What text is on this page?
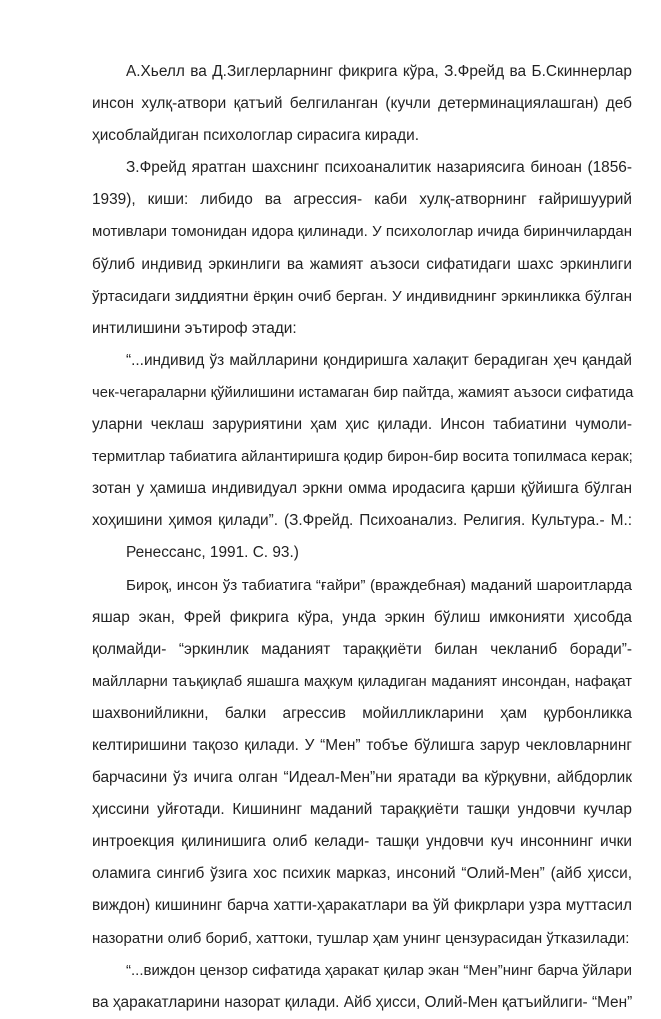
А.Хьелл ва Д.Зиглерларнинг фикрига кўра, З.Фрейд ва Б.Скиннерлар
инсон хулқ-атвори қатъий белгиланган (кучли детерминациялашган) деб
ҳисоблайдиган психологлар сирасига киради.
З.Фрейд яратган шахснинг психоаналитик назариясига биноан (1856-
1939), киши: либидо ва агрессия- каби хулқ-атворнинг ғайришуурий
мотивлари томонидан идора қилинади. У психологлар ичида биринчилардан
бўлиб индивид эркинлиги ва жамият аъзоси сифатидаги шахс эркинлиги
ўртасидаги зиддиятни ёрқин очиб берган. У индивиднинг эркинликка бўлган
интилишини эътироф этади:
“...индивид ўз майлларини қондиришга халақит берадиган ҳеч қандай
чек-чегараларни қўйилишини истамаган бир пайтда, жамият аъзоси сифатида
уларни чеклаш заруриятини ҳам ҳис қилади. Инсон табиатини чумоли-
термитлар табиатига айлантиришга қодир бирон-бир восита топилмаса керак;
зотан у ҳамиша индивидуал эркни омма иродасига қарши қўйишга бўлган
хоҳишини ҳимоя қилади”. (З.Фрейд. Психоанализ. Религия. Культура.- М.:
Ренессанс, 1991. С. 93.)
Бироқ, инсон ўз табиатига “ғайри” (враждебная) маданий шароитларда
яшар экан, Фрей фикрига кўра, унда эркин бўлиш имконияти ҳисобда
қолмайди- “эркинлик маданият тараққиёти билан чекланиб боради”-
майлларни таъқиқлаб яшашга маҳкум қиладиган маданият инсондан, нафақат
шахвонийликни, балки агрессив мойилликларини ҳам қурбонликка
келтиришини тақозо қилади. У “Мен” тобъе бўлишга зарур чекловларнинг
барчасини ўз ичига олган “Идеал-Мен”ни яратади ва кўрқувни, айбдорлик
ҳиссини уйғотади. Кишининг маданий тараққиёти ташқи ундовчи кучлар
интроекция қилинишига олиб келади- ташқи ундовчи куч инсоннинг ички
оламига сингиб ўзига хос психик марказ, инсоний “Олий-Мен” (айб ҳисси,
виждон) кишининг барча хатти-ҳаракатлари ва ўй фикрлари узра муттасил
назоратни олиб бориб, хаттоки, тушлар ҳам унинг цензурасидан ўтказилади:
“...виждон цензор сифатида ҳаракат қилар экан “Мен”нинг барча ўйлари
ва ҳаракатларини назорат қилади. Айб ҳисси, Олий-Мен қатъийлиги- “Мен”
